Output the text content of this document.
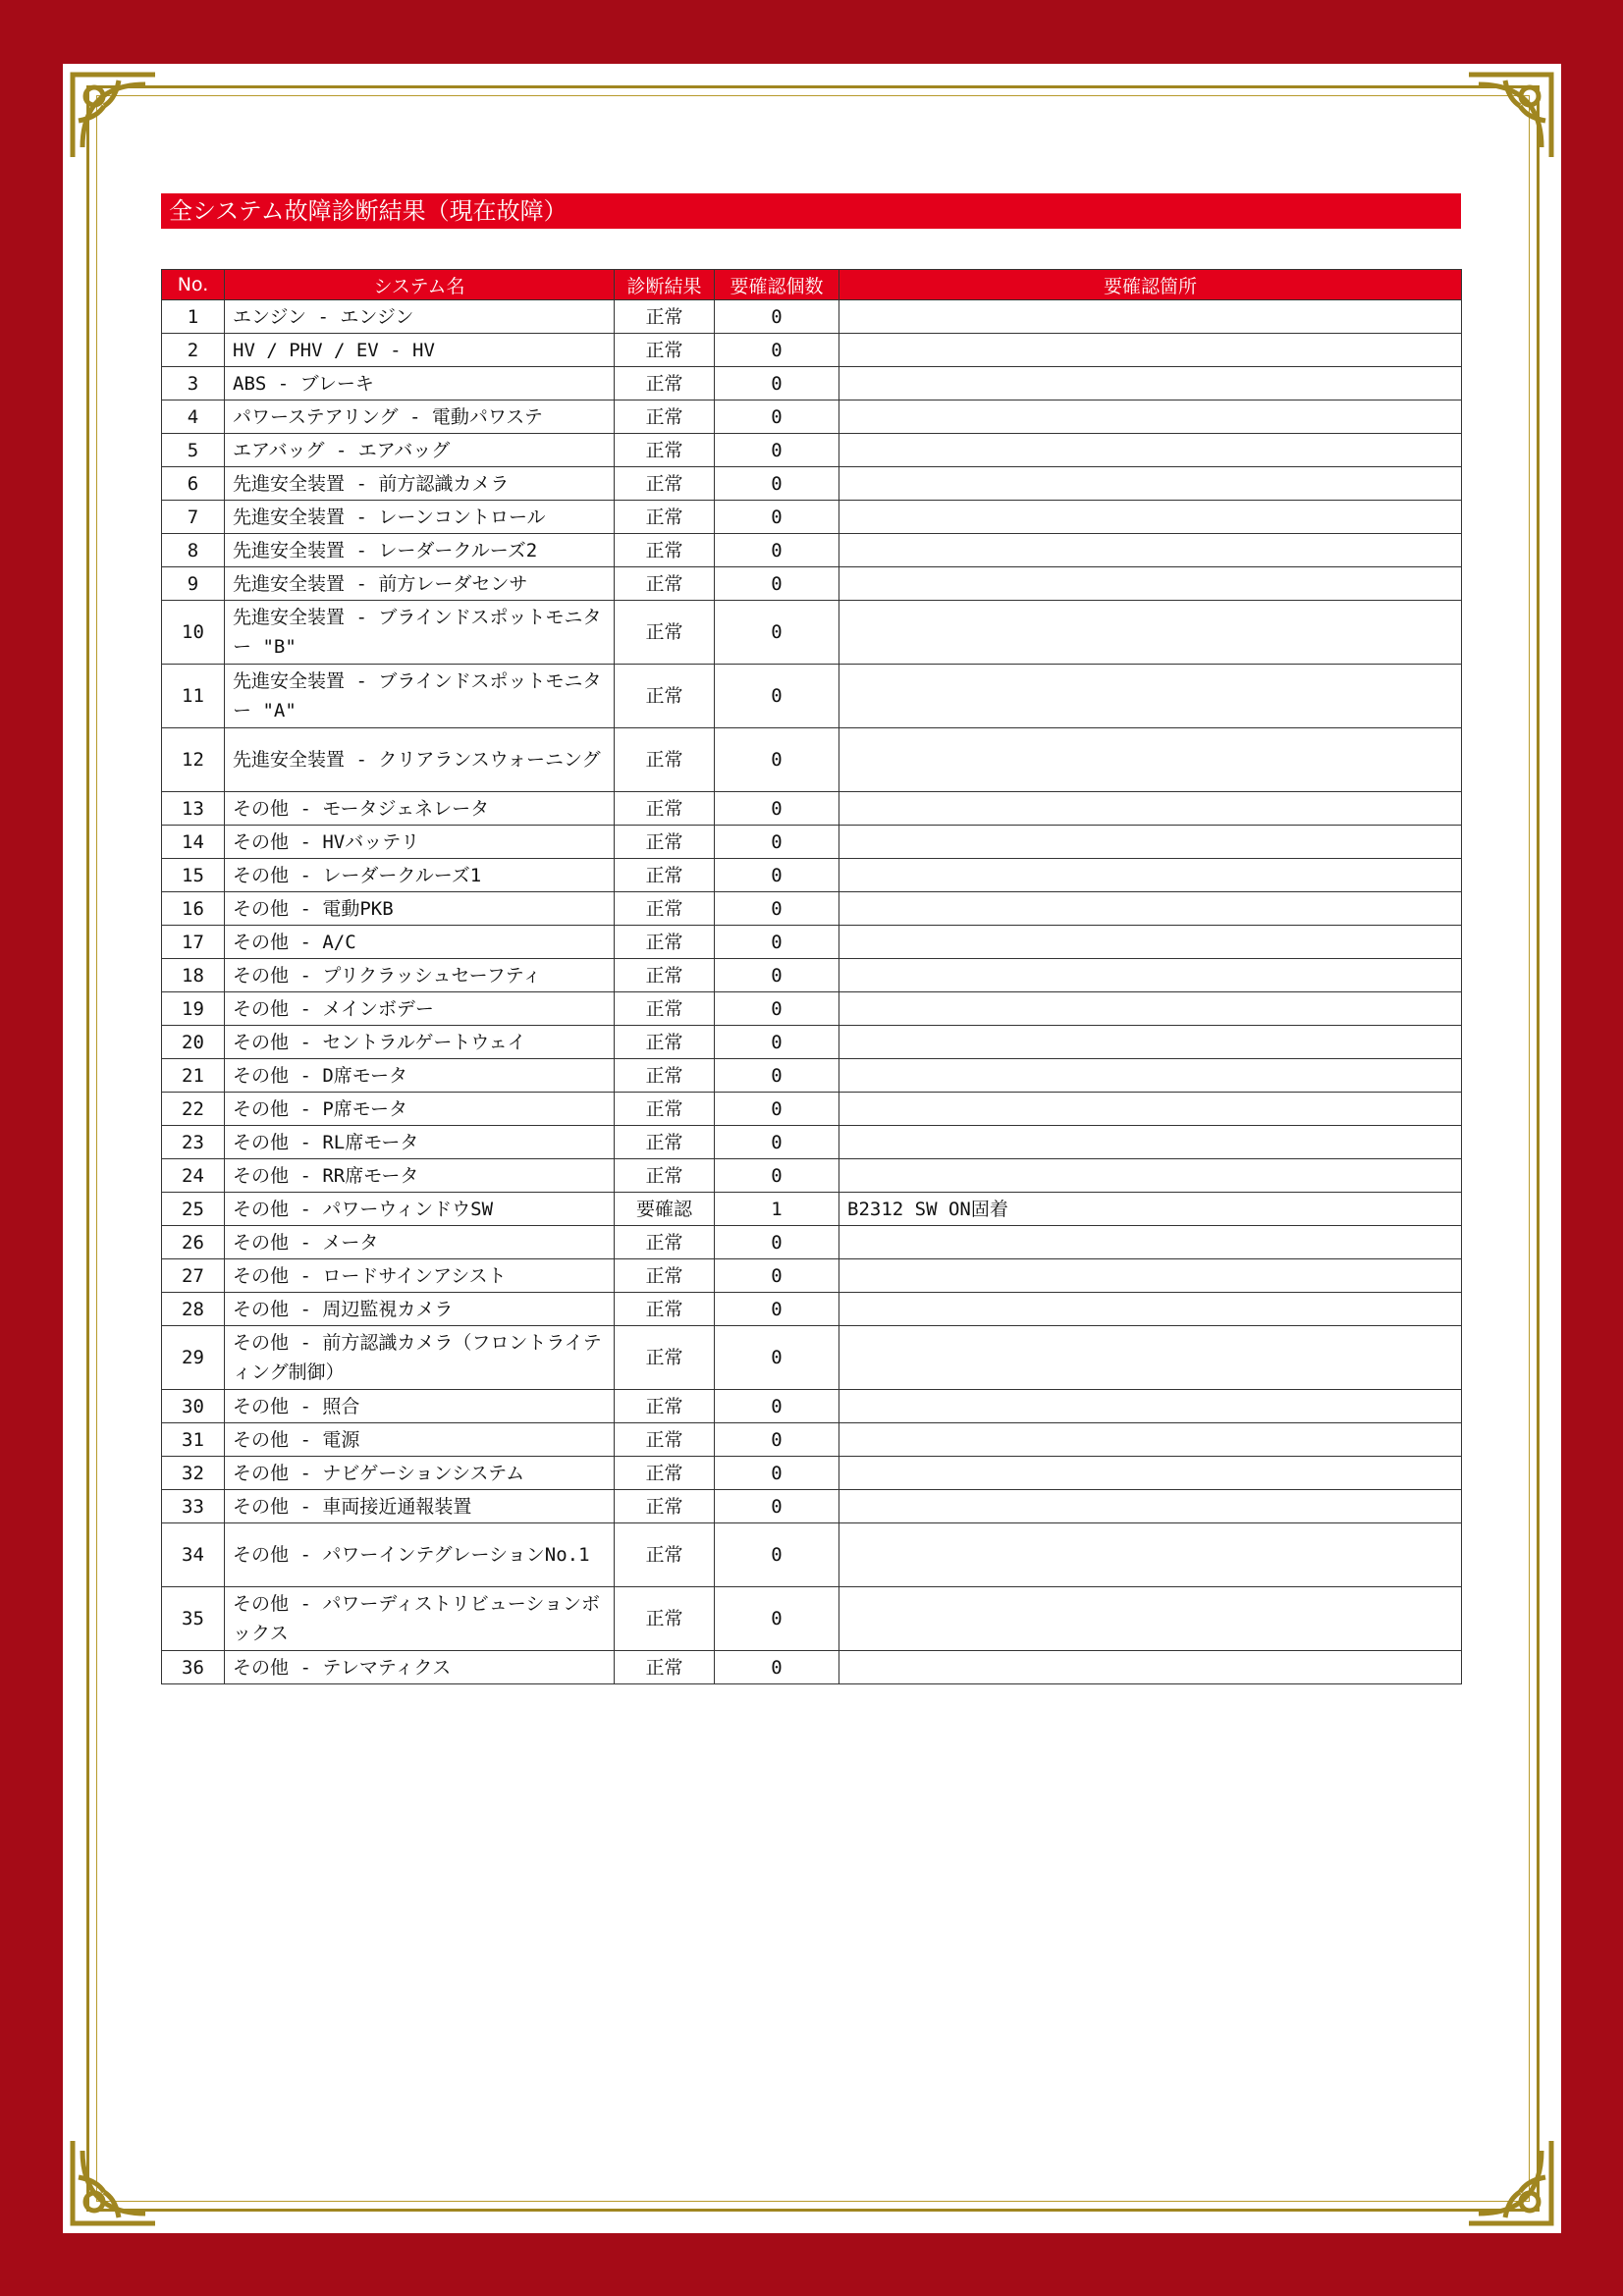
全システム故障診断結果（現在故障）
No.	システム名	診断結果	要確認個数	要確認箇所
1	エンジン - エンジン	正常	0	
2	HV / PHV / EV - HV	正常	0	
3	ABS - ブレーキ	正常	0	
4	パワーステアリング - 電動パワステ	正常	0	
5	エアバッグ - エアバッグ	正常	0	
6	先進安全装置 - 前方認識カメラ	正常	0	
7	先進安全装置 - レーンコントロール	正常	0	
8	先進安全装置 - レーダークルーズ2	正常	0	
9	先進安全装置 - 前方レーダセンサ	正常	0	
10	先進安全装置 - ブラインドスポットモニター "B"	正常	0	
11	先進安全装置 - ブラインドスポットモニター "A"	正常	0	
12	先進安全装置 - クリアランスウォーニング	正常	0	
13	その他 - モータジェネレータ	正常	0	
14	その他 - HVバッテリ	正常	0	
15	その他 - レーダークルーズ1	正常	0	
16	その他 - 電動PKB	正常	0	
17	その他 - A/C	正常	0	
18	その他 - プリクラッシュセーフティ	正常	0	
19	その他 - メインボデー	正常	0	
20	その他 - セントラルゲートウェイ	正常	0	
21	その他 - D席モータ	正常	0	
22	その他 - P席モータ	正常	0	
23	その他 - RL席モータ	正常	0	
24	その他 - RR席モータ	正常	0	
25	その他 - パワーウィンドウSW	要確認	1	B2312 SW ON固着
26	その他 - メータ	正常	0	
27	その他 - ロードサインアシスト	正常	0	
28	その他 - 周辺監視カメラ	正常	0	
29	その他 - 前方認識カメラ（フロントライティング制御）	正常	0	
30	その他 - 照合	正常	0	
31	その他 - 電源	正常	0	
32	その他 - ナビゲーションシステム	正常	0	
33	その他 - 車両接近通報装置	正常	0	
34	その他 - パワーインテグレーションNo.1	正常	0	
35	その他 - パワーディストリビューションボックス	正常	0	
36	その他 - テレマティクス	正常	0	
